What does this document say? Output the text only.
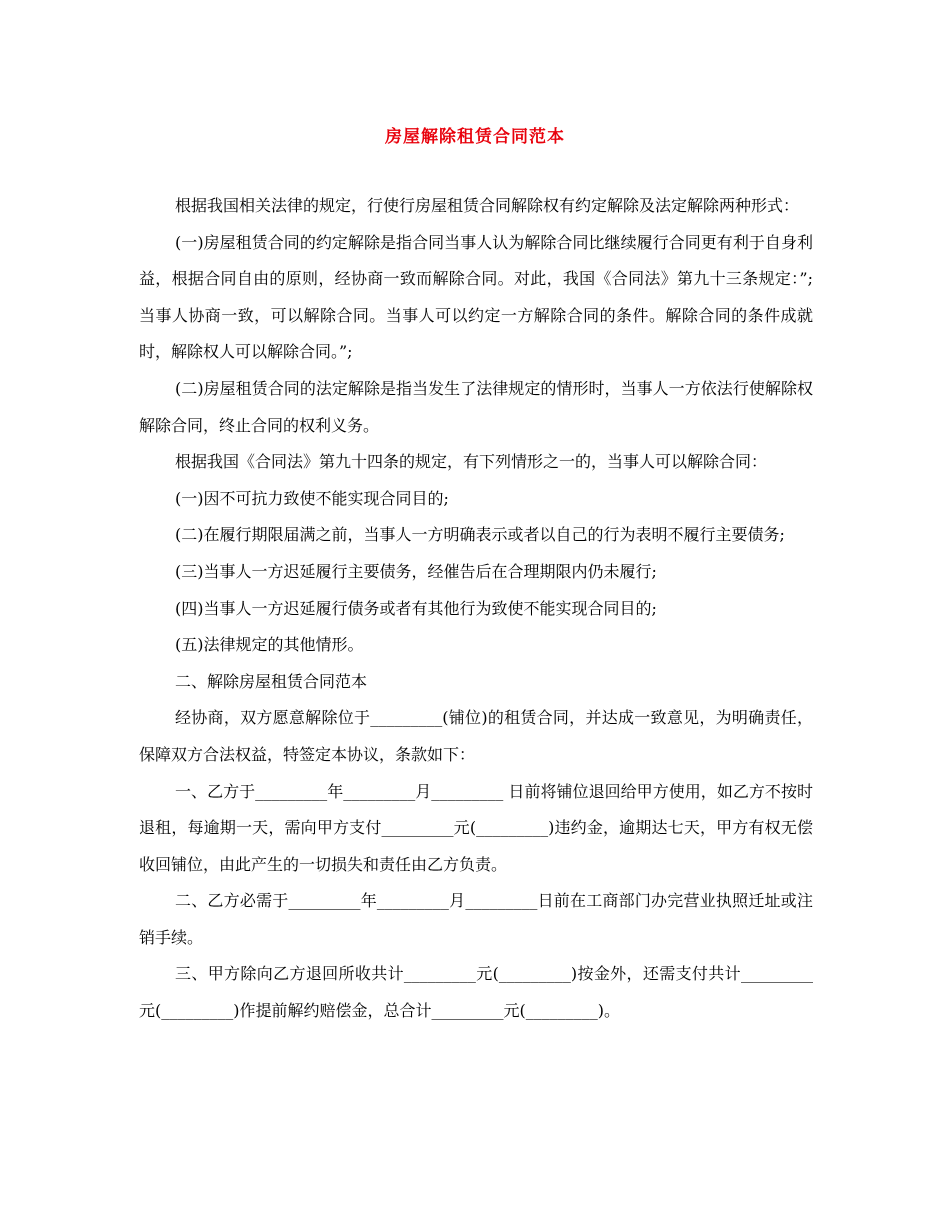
房屋解除租赁合同范本

根据我国相关法律的规定，行使行房屋租赁合同解除权有约定解除及法定解除两种形式：

(一)房屋租赁合同的约定解除是指合同当事人认为解除合同比继续履行合同更有利于自身利益，根据合同自由的原则，经协商一致而解除合同。对此，我国《合同法》第九十三条规定：”;当事人协商一致，可以解除合同。当事人可以约定一方解除合同的条件。解除合同的条件成就时，解除权人可以解除合同。”;

(二)房屋租赁合同的法定解除是指当发生了法律规定的情形时，当事人一方依法行使解除权解除合同，终止合同的权利义务。

根据我国《合同法》第九十四条的规定，有下列情形之一的，当事人可以解除合同：

(一)因不可抗力致使不能实现合同目的;

(二)在履行期限届满之前，当事人一方明确表示或者以自己的行为表明不履行主要债务;

(三)当事人一方迟延履行主要债务，经催告后在合理期限内仍未履行;

(四)当事人一方迟延履行债务或者有其他行为致使不能实现合同目的;

(五)法律规定的其他情形。

二、解除房屋租赁合同范本

经协商，双方愿意解除位于_________(铺位)的租赁合同，并达成一致意见，为明确责任，保障双方合法权益，特签定本协议，条款如下：

一、乙方于_________年_________月_________ 日前将铺位退回给甲方使用，如乙方不按时退租，每逾期一天，需向甲方支付_________元(_________)违约金，逾期达七天，甲方有权无偿收回铺位，由此产生的一切损失和责任由乙方负责。

二、乙方必需于_________年_________月_________日前在工商部门办完营业执照迁址或注销手续。

三、甲方除向乙方退回所收共计_________元(_________)按金外，还需支付共计_________元(_________)作提前解约赔偿金，总合计_________元(_________)。
